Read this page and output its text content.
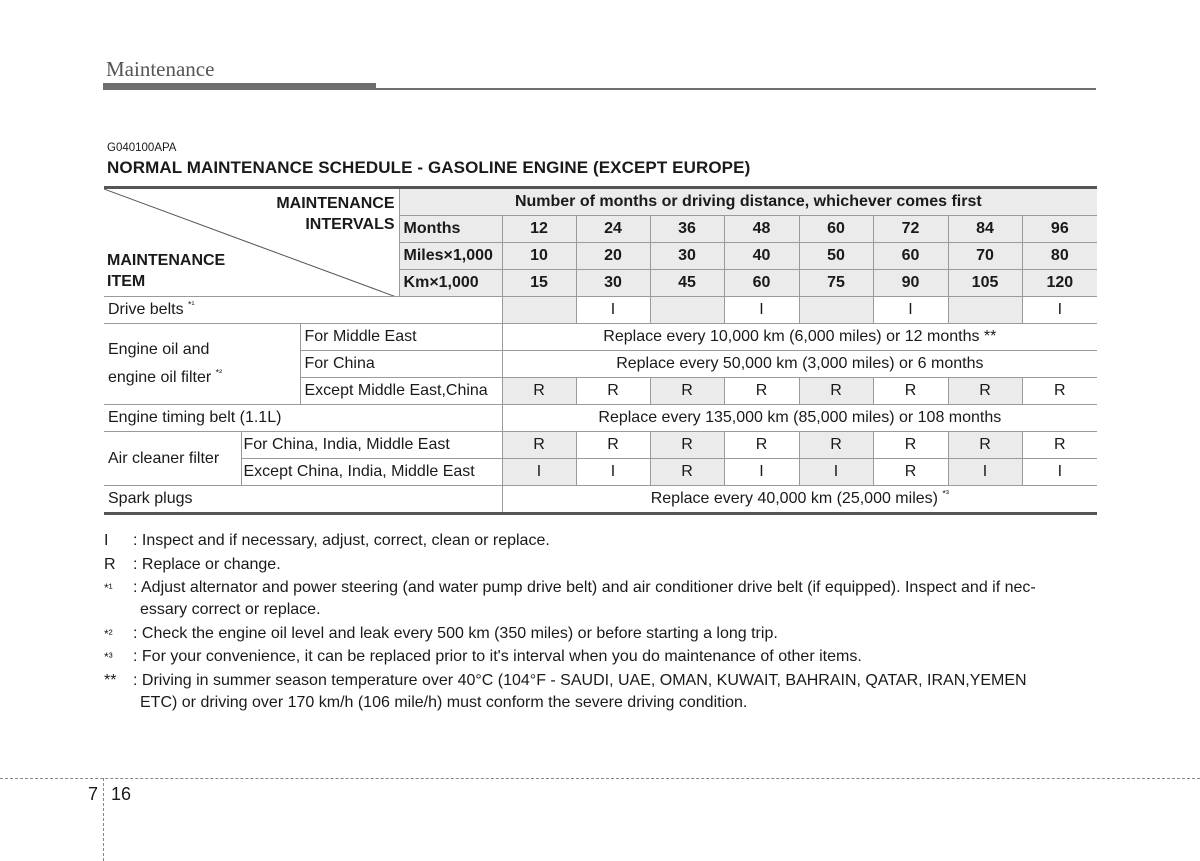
Maintenance
G040100APA
NORMAL MAINTENANCE SCHEDULE - GASOLINE ENGINE (EXCEPT EUROPE)
MAINTENANCE
INTERVALS
MAINTENANCE
ITEM			Number of months or driving distance, whichever comes first								
			Months	12	24	36	48	60	72	84	96
			Miles×1,000	10	20	30	40	50	60	70	80
			Km×1,000	15	30	45	60	75	90	105	120
Drive belts $^{*^1}$					I		I		I		I

Engine oil and
engine oil filter $^{*^2}$		For Middle East		Replace every 10,000 km (6,000 miles) or 12 months **							
		For China		Replace every 50,000 km (3,000 miles) or 6 months							
		Except Middle East,China		R	R	R	R	R	R	R	R
Engine timing belt (1.1L)				Replace every 135,000 km (85,000 miles) or 108 months							
Air cleaner filter	For China, India, Middle East			R	R	R	R	R	R	R	R
	Except China, India, Middle East			I	I	R	I	I	R	I	I
Spark plugs				Replace every 40,000 km (25,000 miles) $^{*^3}$
I : Inspect and if necessary, adjust, correct, clean or replace.
R : Replace or change.
*¹ : Adjust alternator and power steering (and water pump drive belt) and air conditioner drive belt (if equipped). Inspect and if nec-
essary correct or replace.
*² : Check the engine oil level and leak every 500 km (350 miles) or before starting a long trip.
*³ : For your convenience, it can be replaced prior to it's interval when you do maintenance of other items.
** : Driving in summer season temperature over 40°C (104°F - SAUDI, UAE, OMAN, KUWAIT, BAHRAIN, QATAR, IRAN,YEMEN
ETC) or driving over 170 km/h (106 mile/h) must conform the severe driving condition.
7 16
